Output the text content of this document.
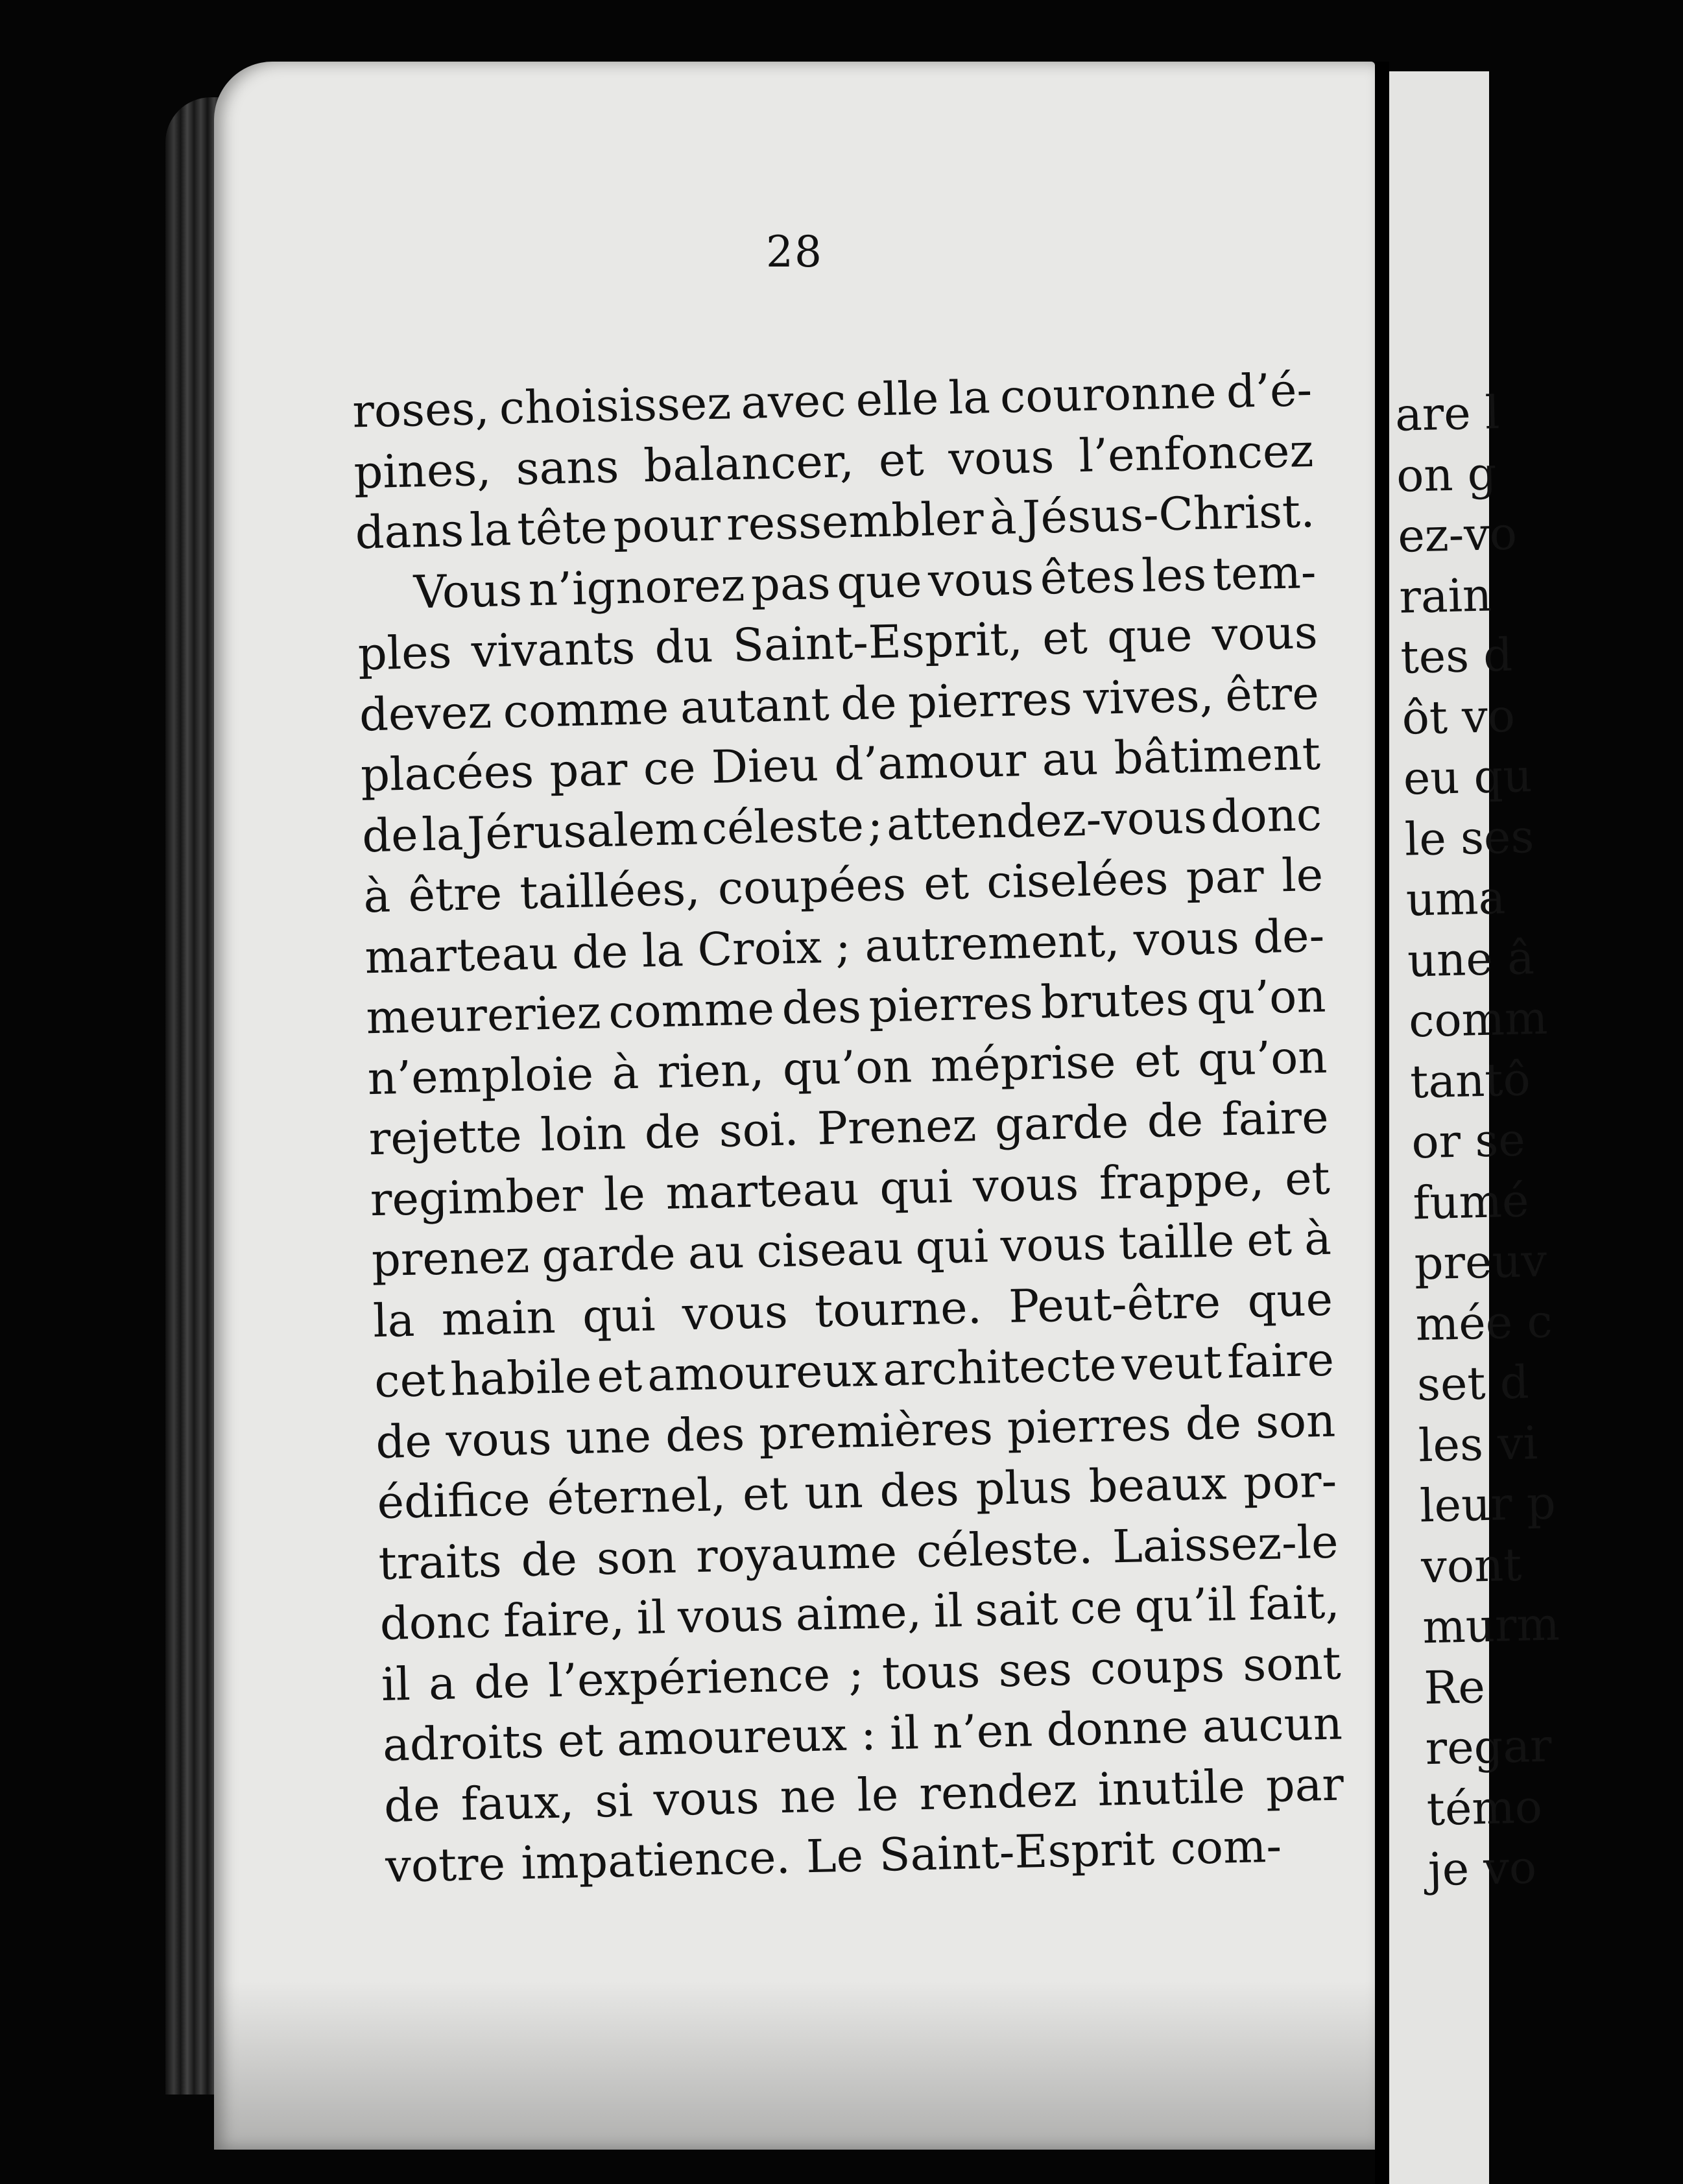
28
roses, choisissez avec elle la couronne d’é-
pines, sans balancer, et vous l’enfoncez
dans la tête pour ressembler à Jésus-Christ.
Vous n’ignorez pas que vous êtes les tem-
ples vivants du Saint-Esprit, et que vous
devez comme autant de pierres vives, être
placées par ce Dieu d’amour au bâtiment
de la Jérusalem céleste ; attendez-vous donc
à être taillées, coupées et ciselées par le
marteau de la Croix ; autrement, vous de-
meureriez comme des pierres brutes qu’on
n’emploie à rien, qu’on méprise et qu’on
rejette loin de soi. Prenez garde de faire
regimber le marteau qui vous frappe, et
prenez garde au ciseau qui vous taille et à
la main qui vous tourne. Peut-être que
cet habile et amoureux architecte veut faire
de vous une des premières pierres de son
édifice éternel, et un des plus beaux por-
traits de son royaume céleste. Laissez-le
donc faire, il vous aime, il sait ce qu’il fait,
il a de l’expérience ; tous ses coups sont
adroits et amoureux : il n’en donne aucun
de faux, si vous ne le rendez inutile par
votre impatience. Le Saint-Esprit com-
are l
on g
ez-vo
rain
tes d
ôt vo
eu qu
le ses
uma
une â
comm
tantô
or se
fumé
preuv
mée c
set d
les vi
leur p
vont
murm
Re
regar
témo
je vo
